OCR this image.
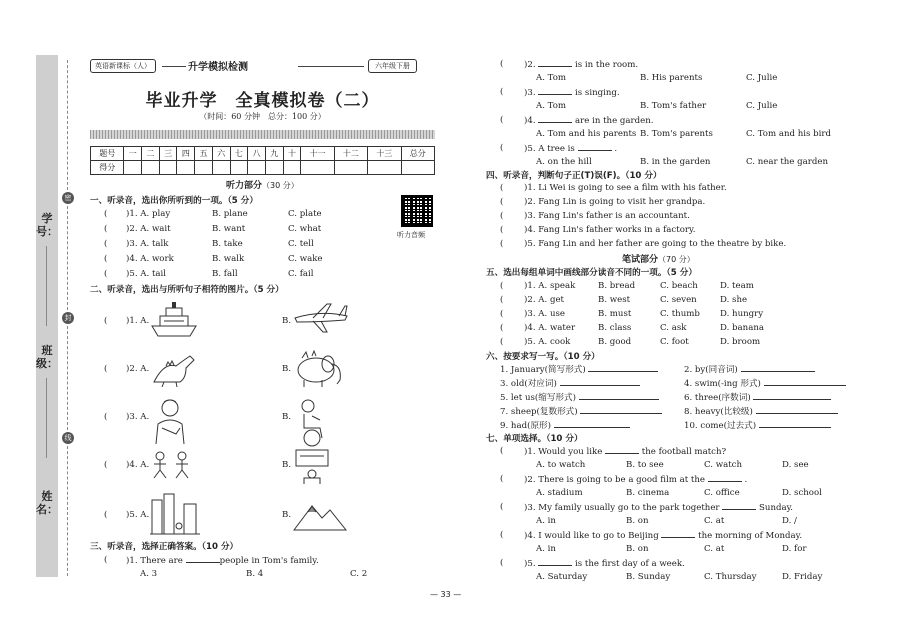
学号：
班级：
姓名：
密
封
线
英语新课标（人）	升学模拟检测	六年级下册
毕业升学　全真模拟卷（二）
（时间：60 分钟　总分：100 分）
题号	一	二	三	四	五	六	七	八	九	十	十一	十二	十三	总分
得分														
听力部分（30 分）
听力音频
一、听录音，选出你所听到的一项。（5 分）
( )1. A. play	B. plane	C. plate
( )2. A. wait	B. want	C. what
( )3. A. talk	B. take	C. tell
( )4. A. work	B. walk	C. wake
( )5. A. tail	B. fall	C. fail
二、听录音，选出与所听句子相符的图片。（5 分）
( )1. A.	B.
( )2. A.	B.
( )3. A.	B.
( )4. A.	B.
( )5. A.	B.
三、听录音，选择正确答案。（10 分）
( )1. There are	people in Tom's family.
A. 3	B. 4	C. 2
( )2.	is in the room.
A. Tom	B. His parents	C. Julie
( )3.	is singing.
A. Tom	B. Tom's father	C. Julie
( )4.	are in the garden.
A. Tom and his parents B. Tom's parents	C. Tom and his bird
( )5. A tree is	.
A. on the hill	B. in the garden	C. near the garden
四、听录音，判断句子正(T)误(F)。（10 分）
( )1. Li Wei is going to see a film with his father.
( )2. Fang Lin is going to visit her grandpa.
( )3. Fang Lin's father is an accountant.
( )4. Fang Lin's father works in a factory.
( )5. Fang Lin and her father are going to the theatre by bike.
笔试部分（70 分）
五、选出每组单词中画线部分读音不同的一项。（5 分）
( )1. A. speak	B. bread	C. beach	D. team
( )2. A. get	B. west	C. seven	D. she
( )3. A. use	B. must	C. thumb D. hungry
( )4. A. water	B. class	C. ask	D. banana
( )5. A. cook	B. good	C. foot	D. broom
六、按要求写一写。（10 分）
1. January(简写形式)	2. by(同音词)
3. old(对应词)	4. swim(-ing 形式)
5. let us(缩写形式)	6. three(序数词)
7. sheep(复数形式)	8. heavy(比较级)
9. had(原形)	10. come(过去式)
七、单项选择。（10 分）
( )1. Would you like	the football match?
A. to watch	B. to see	C. watch	D. see
( )2. There is going to be a good film at the	.
A. stadium	B. cinema	C. office	D. school
( )3. My family usually go to the park together	Sunday.
A. in	B. on	C. at	D. /
( )4. I would like to go to Beijing	the morning of Monday.
A. in	B. on	C. at	D. for
( )5.	is the first day of a week.
A. Saturday	B. Sunday	C. Thursday	D. Friday
— 33 —
